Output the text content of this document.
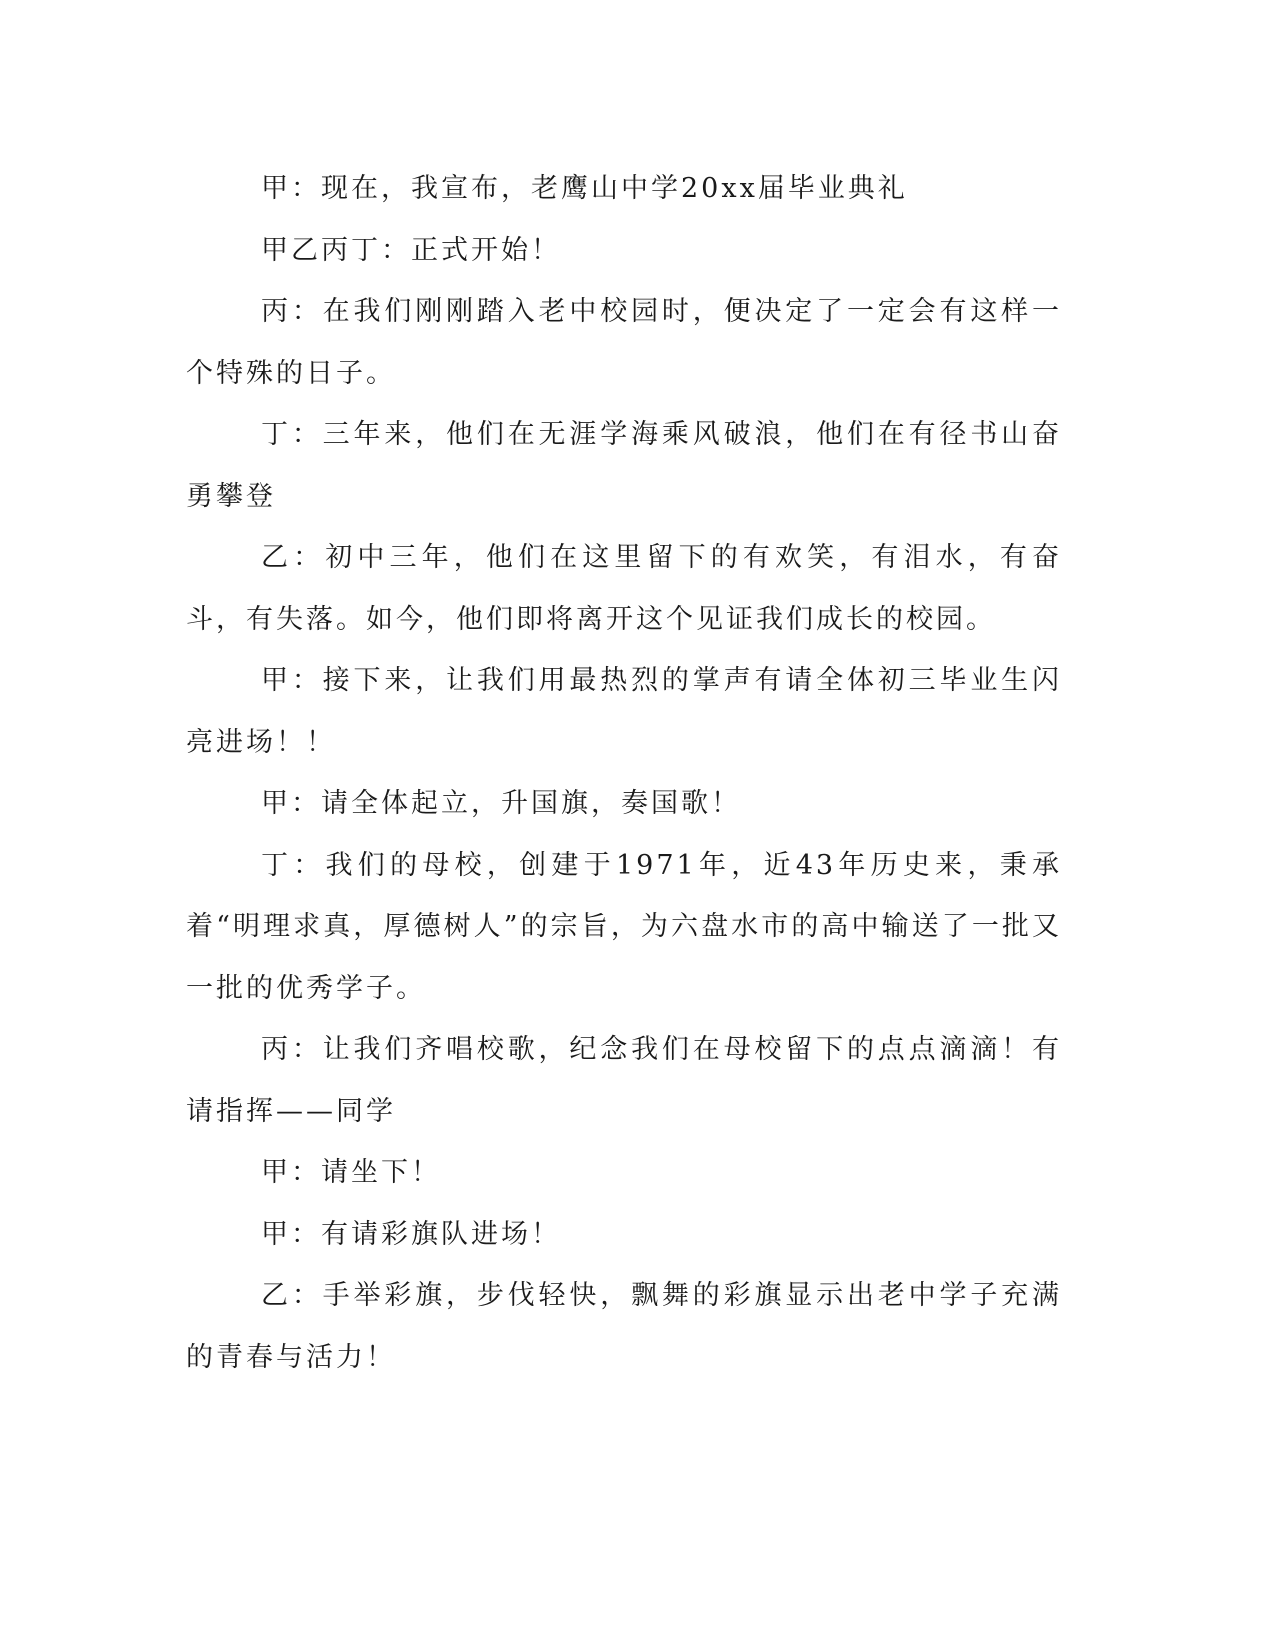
甲：现在，我宣布，老鹰山中学20xx届毕业典礼

甲乙丙丁：正式开始！

丙：在我们刚刚踏入老中校园时，便决定了一定会有这样一个特殊的日子。

丁：三年来，他们在无涯学海乘风破浪，他们在有径书山奋勇攀登

乙：初中三年，他们在这里留下的有欢笑，有泪水，有奋斗，有失落。如今，他们即将离开这个见证我们成长的校园。

甲：接下来，让我们用最热烈的掌声有请全体初三毕业生闪亮进场！！

甲：请全体起立，升国旗，奏国歌！

丁：我们的母校，创建于1971年，近43年历史来，秉承着“明理求真，厚德树人”的宗旨，为六盘水市的高中输送了一批又一批的优秀学子。

丙：让我们齐唱校歌，纪念我们在母校留下的点点滴滴！有请指挥——同学

甲：请坐下！

甲：有请彩旗队进场！

乙：手举彩旗，步伐轻快，飘舞的彩旗显示出老中学子充满的青春与活力！
